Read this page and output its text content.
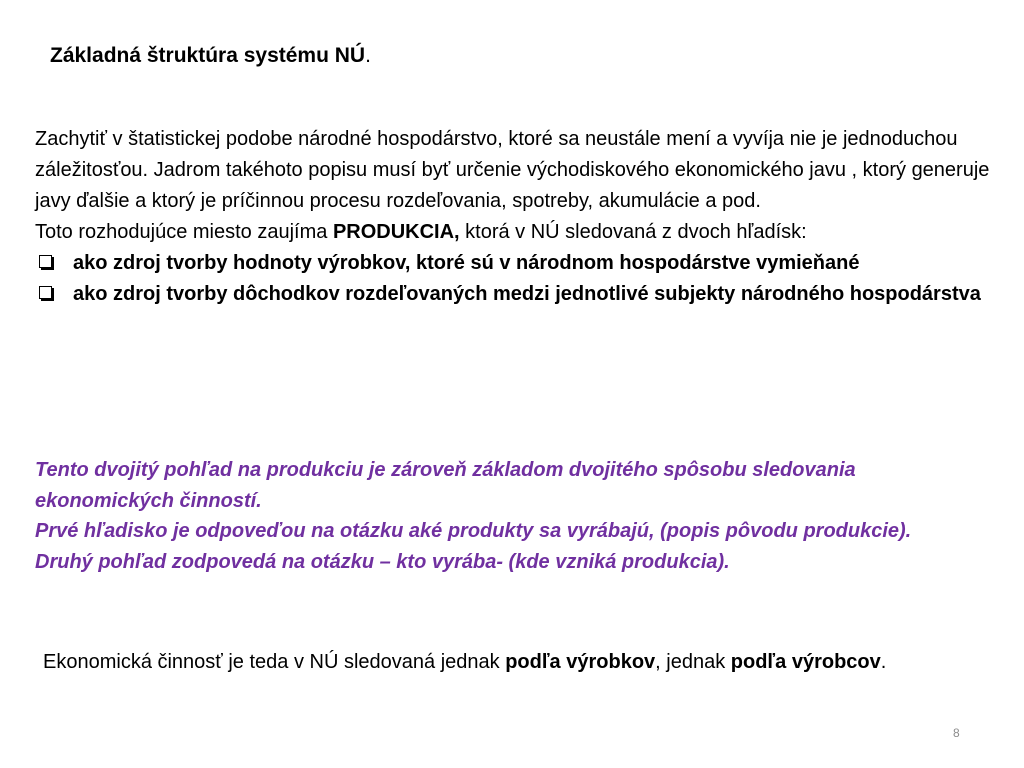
Základná štruktúra systému NÚ.

Zachytiť v štatistickej podobe národné hospodárstvo, ktoré sa neustále mení a vyvíja nie je jednoduchou záležitosťou. Jadrom takéhoto popisu musí byť určenie východiskového ekonomického javu , ktorý generuje javy ďalšie a ktorý je príčinnou procesu rozdeľovania, spotreby, akumulácie a pod.

Toto rozhodujúce miesto zaujíma PRODUKCIA, ktorá v NÚ sledovaná z dvoch hľadísk:

ako zdroj tvorby hodnoty výrobkov, ktoré sú v národnom hospodárstve vymieňané
ako zdroj tvorby dôchodkov rozdeľovaných medzi jednotlivé subjekty národného hospodárstva

Tento dvojitý pohľad na produkciu je zároveň základom dvojitého spôsobu sledovania ekonomických činností.

Prvé hľadisko je odpoveďou na otázku aké produkty sa vyrábajú, (popis pôvodu produkcie).

Druhý pohľad zodpovedá na otázku – kto vyrába- (kde vzniká produkcia).

Ekonomická činnosť je teda v NÚ sledovaná jednak podľa výrobkov, jednak podľa výrobcov.
8
